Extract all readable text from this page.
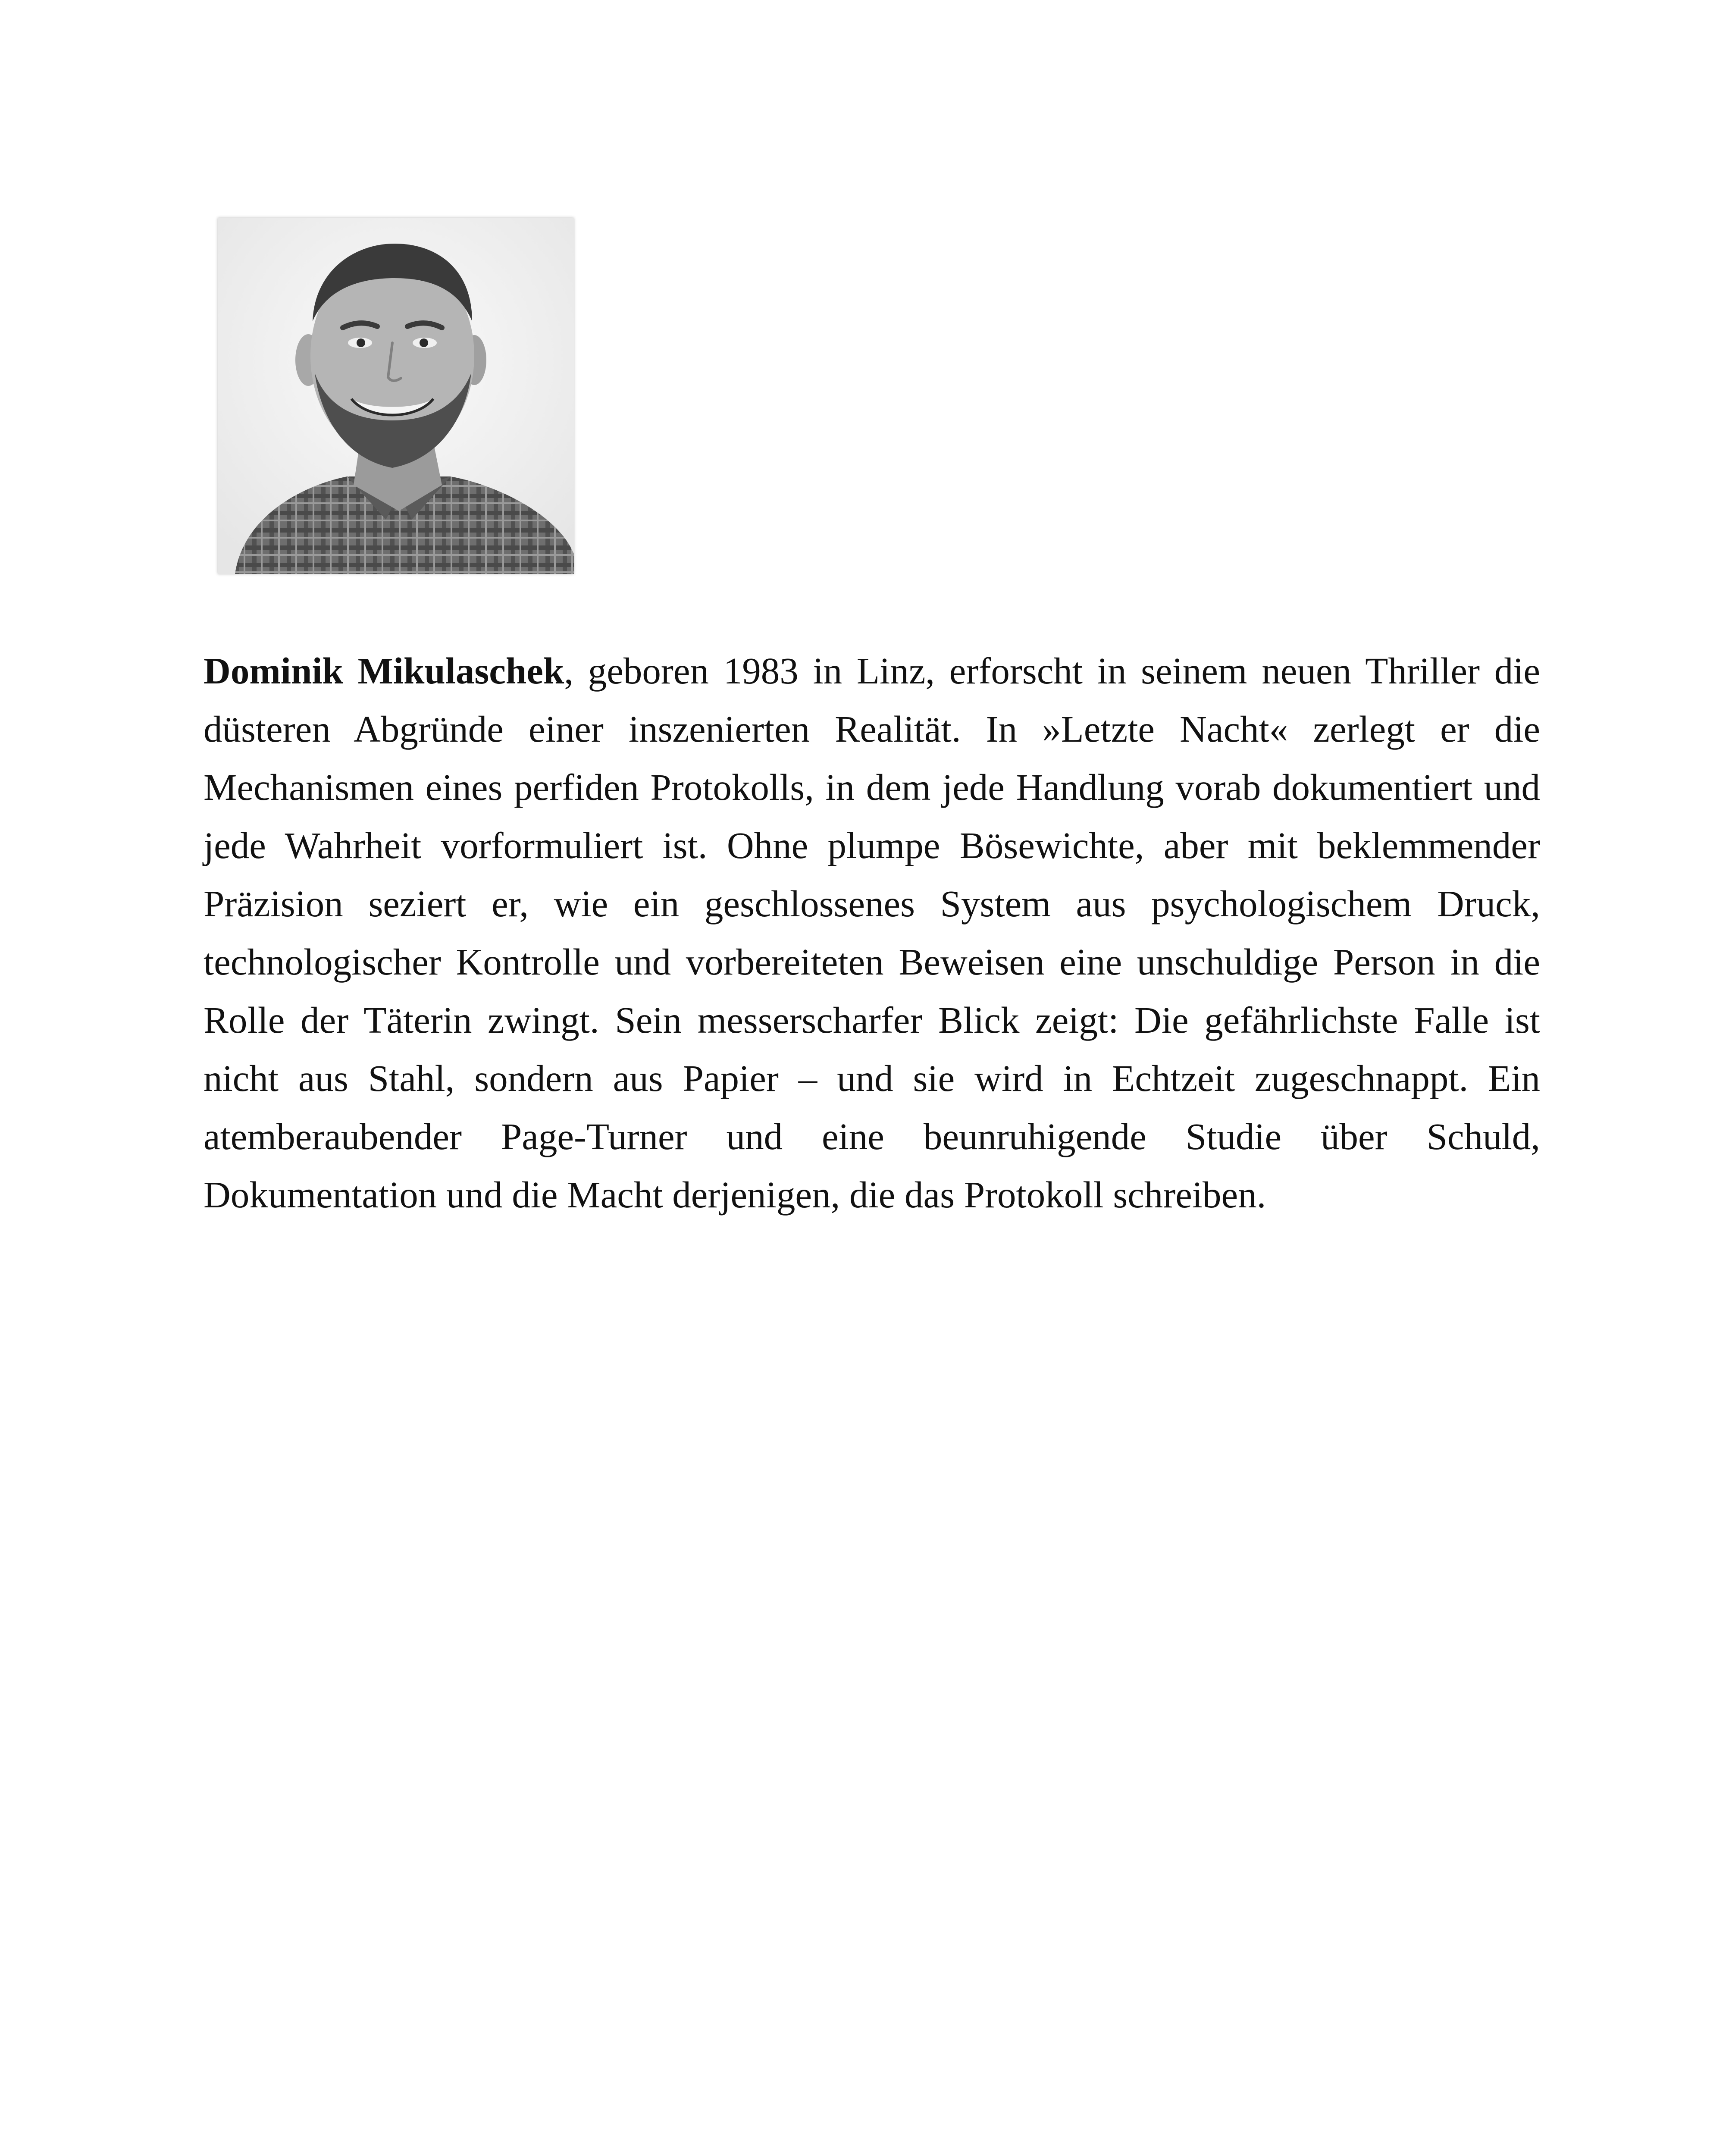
Dominik Mikulaschek, geboren 1983 in Linz, erforscht in seinem neuen Thriller die düsteren Abgründe einer inszenierten Realität. In »Letzte Nacht« zerlegt er die Mechanismen eines perfiden Protokolls, in dem jede Handlung vorab dokumentiert und jede Wahrheit vorformuliert ist. Ohne plumpe Bösewichte, aber mit beklemmender Präzision seziert er, wie ein geschlossenes System aus psychologischem Druck, technologischer Kontrolle und vorbereiteten Beweisen eine unschuldige Person in die Rolle der Täterin zwingt. Sein messerscharfer Blick zeigt: Die gefährlichste Falle ist nicht aus Stahl, sondern aus Papier – und sie wird in Echtzeit zugeschnappt. Ein atemberaubender Page-Turner und eine beunruhigende Studie über Schuld, Dokumentation und die Macht derjenigen, die das Protokoll schreiben.
